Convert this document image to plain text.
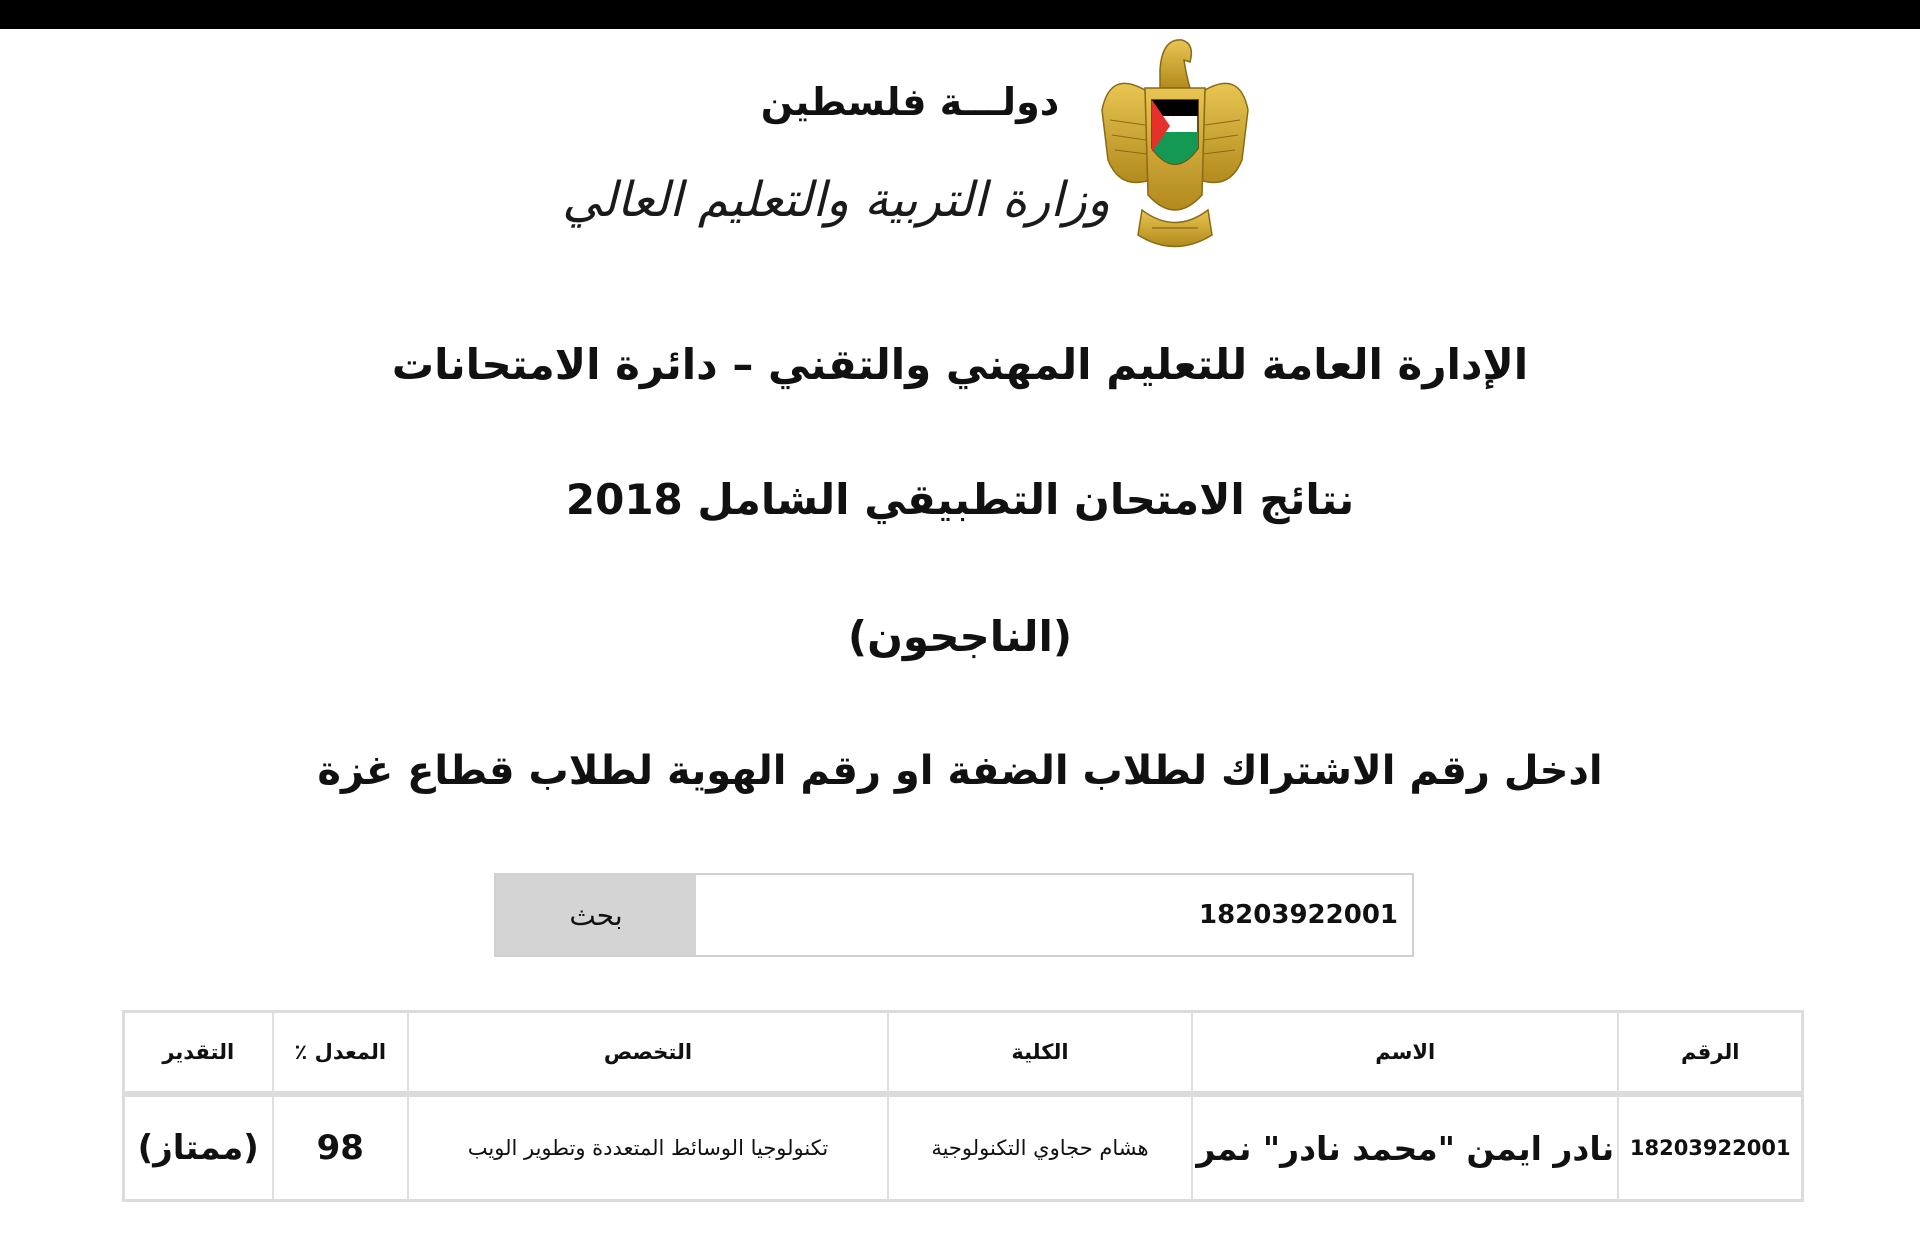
دولـــة فلسطين
وزارة التربية والتعليم العالي
الإدارة العامة للتعليم المهني والتقني – دائرة الامتحانات
نتائج الامتحان التطبيقي الشامل 2018
(الناجحون)
ادخل رقم الاشتراك لطلاب الضفة او رقم الهوية لطلاب قطاع غزة
بحث
18203922001
الرقم	الاسم	الكلية	التخصص	المعدل ٪	التقدير
18203922001	نادر ايمن "محمد نادر" نمر	هشام حجاوي التكنولوجية	تكنولوجيا الوسائط المتعددة وتطوير الويب	98	(ممتاز)
